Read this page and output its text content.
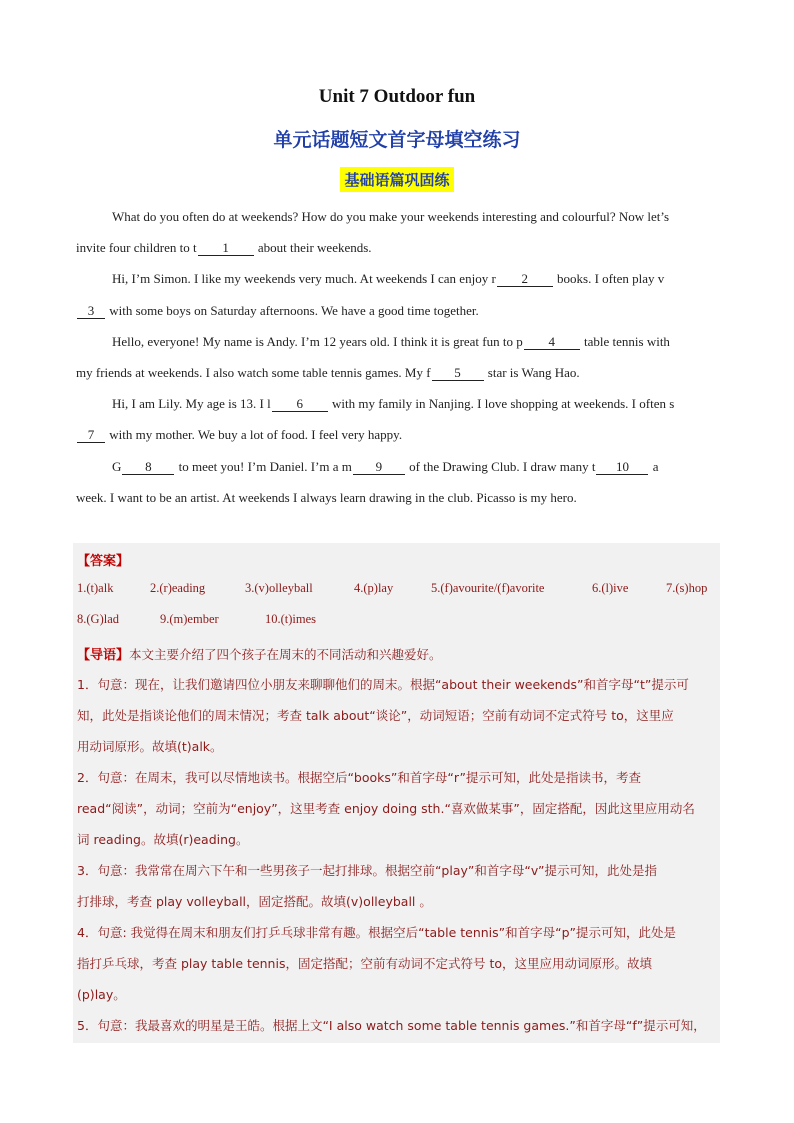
Unit 7 Outdoor fun
单元话题短文首字母填空练习
基础语篇巩固练
What do you often do at weekends? How do you make your weekends interesting and colourful? Now let’s
invite four children to t 1 about their weekends.
Hi, I’m Simon. I like my weekends very much. At weekends I can enjoy r 2 books. I often play v
3 with some boys on Saturday afternoons. We have a good time together.
Hello, everyone! My name is Andy. I’m 12 years old. I think it is great fun to p 4 table tennis with
my friends at weekends. I also watch some table tennis games. My f 5 star is Wang Hao.
Hi, I am Lily. My age is 13. I l 6 with my family in Nanjing. I love shopping at weekends. I often s
7 with my mother. We buy a lot of food. I feel very happy.
G 8 to meet you! I’m Daniel. I’m a m 9 of the Drawing Club. I draw many t 10 a
week. I want to be an artist. At weekends I always learn drawing in the club. Picasso is my hero.
【答案】
1.(t)alk	2.(r)eading	3.(v)olleyball	4.(p)lay	5.(f)avourite/(f)avorite	6.(l)ive	7.(s)hop
8.(G)lad	9.(m)ember	10.(t)imes
【导语】本文主要介绍了四个孩子在周末的不同活动和兴趣爱好。
1．句意：现在，让我们邀请四位小朋友来聊聊他们的周末。根据“about their weekends”和首字母“t”提示可
知，此处是指谈论他们的周末情况；考查 talk about“谈论”，动词短语；空前有动词不定式符号 to，这里应
用动词原形。故填(t)alk。
2．句意：在周末，我可以尽情地读书。根据空后“books”和首字母“r”提示可知，此处是指读书，考查
read“阅读”，动词；空前为“enjoy”，这里考查 enjoy doing sth.“喜欢做某事”，固定搭配，因此这里应用动名
词 reading。故填(r)eading。
3．句意：我常常在周六下午和一些男孩子一起打排球。根据空前“play”和首字母“v”提示可知，此处是指
打排球，考查 play volleyball，固定搭配。故填(v)olleyball 。
4．句意: 我觉得在周末和朋友们打乒乓球非常有趣。根据空后“table tennis”和首字母“p”提示可知，此处是
指打乒乓球，考查 play table tennis，固定搭配；空前有动词不定式符号 to，这里应用动词原形。故填
(p)lay。
5．句意：我最喜欢的明星是王皓。根据上文“I also watch some table tennis games.”和首字母“f”提示可知，
